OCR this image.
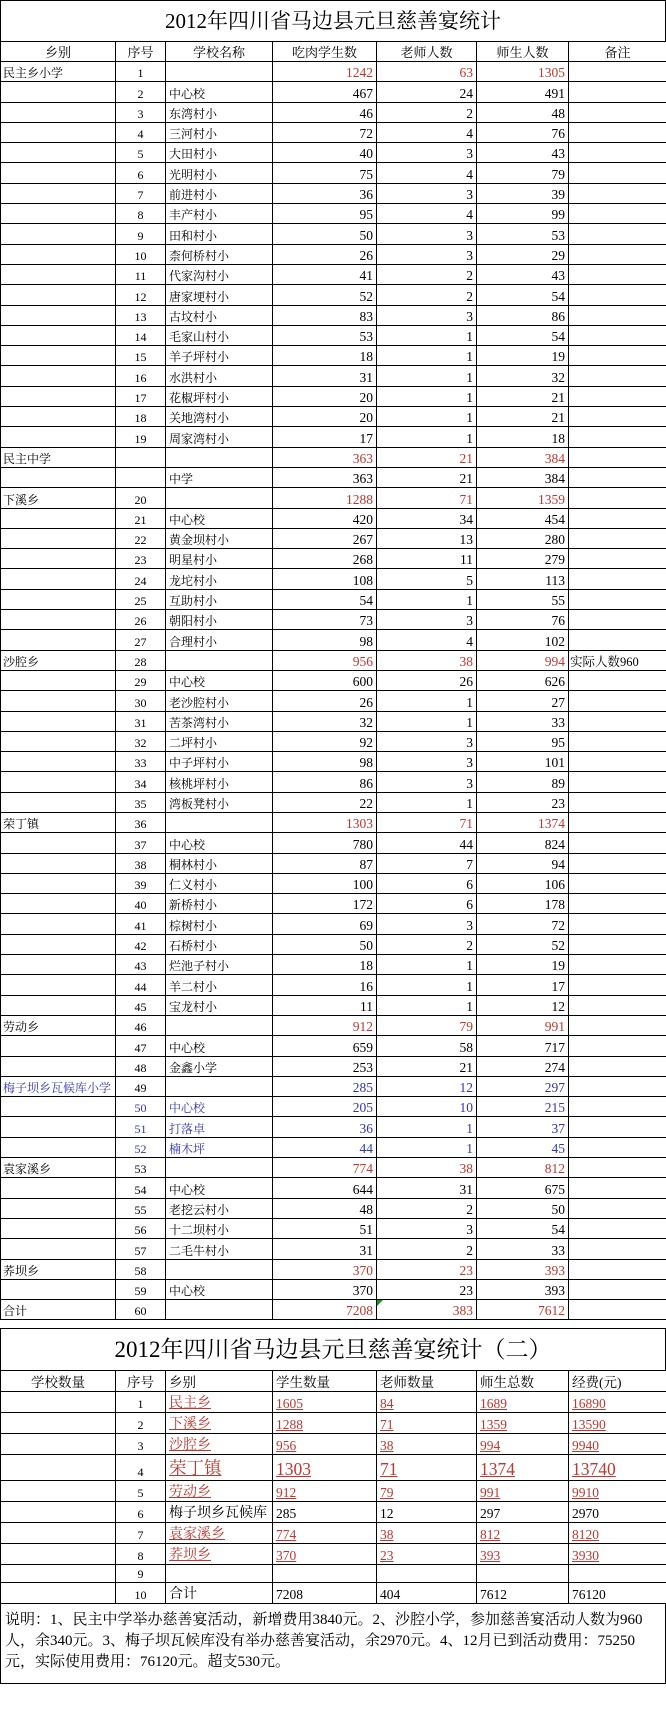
2012年四川省马边县元旦慈善宴统计
乡别	序号	学校名称	吃肉学生数	老师人数	师生人数	备注
民主乡小学	1		1242	63	1305	
	2	中心校	467	24	491	
	3	东湾村小	46	2	48	
	4	三河村小	72	4	76	
	5	大田村小	40	3	43	
	6	光明村小	75	4	79	
	7	前进村小	36	3	39	
	8	丰产村小	95	4	99	
	9	田和村小	50	3	53	
	10	柰何桥村小	26	3	29	
	11	代家沟村小	41	2	43	
	12	唐家埂村小	52	2	54	
	13	古坟村小	83	3	86	
	14	毛家山村小	53	1	54	
	15	羊子坪村小	18	1	19	
	16	水洪村小	31	1	32	
	17	花椒坪村小	20	1	21	
	18	关地湾村小	20	1	21	
	19	周家湾村小	17	1	18	
民主中学			363	21	384	
		中学	363	21	384	
下溪乡	20		1288	71	1359	
	21	中心校	420	34	454	
	22	黄金坝村小	267	13	280	
	23	明星村小	268	11	279	
	24	龙坨村小	108	5	113	
	25	互助村小	54	1	55	
	26	朝阳村小	73	3	76	
	27	合理村小	98	4	102	
沙腔乡	28		956	38	994	实际人数960
	29	中心校	600	26	626	
	30	老沙腔村小	26	1	27	
	31	苦茶湾村小	32	1	33	
	32	二坪村小	92	3	95	
	33	中子坪村小	98	3	101	
	34	核桃坪村小	86	3	89	
	35	湾板凳村小	22	1	23	
荣丁镇	36		1303	71	1374	
	37	中心校	780	44	824	
	38	桐林村小	87	7	94	
	39	仁义村小	100	6	106	
	40	新桥村小	172	6	178	
	41	棕树村小	69	3	72	
	42	石桥村小	50	2	52	
	43	烂池子村小	18	1	19	
	44	羊二村小	16	1	17	
	45	宝龙村小	11	1	12	
劳动乡	46		912	79	991	
	47	中心校	659	58	717	
	48	金鑫小学	253	21	274	
梅子坝乡瓦候库小学	49		285	12	297	
	50	中心校	205	10	215	
	51	打落卓	36	1	37	
	52	楠木坪	44	1	45	
袁家溪乡	53		774	38	812	
	54	中心校	644	31	675	
	55	老挖云村小	48	2	50	
	56	十二坝村小	51	3	54	
	57	二毛牛村小	31	2	33	
荞坝乡	58		370	23	393	
	59	中心校	370	23	393	
合计	60		7208	383	7612	
2012年四川省马边县元旦慈善宴统计（二）
学校数量	序号	乡别	学生数量	老师数量	师生总数	经费(元)
	1	民主乡	1605	84	1689	16890
	2	下溪乡	1288	71	1359	13590
	3	沙腔乡	956	38	994	9940
	4	荣丁镇	1303	71	1374	13740
	5	劳动乡	912	79	991	9910
	6	梅子坝乡瓦候库	285	12	297	2970
	7	袁家溪乡	774	38	812	8120
	8	荞坝乡	370	23	393	3930
	9					
	10	合计	7208	404	7612	76120
说明：1、民主中学举办慈善宴活动，新增费用3840元。2、沙腔小学，参加慈善宴活动人数为960人，余340元。3、梅子坝瓦候库没有举办慈善宴活动，余2970元。4、12月已到活动费用：75250元，实际使用费用：76120元。超支530元。
